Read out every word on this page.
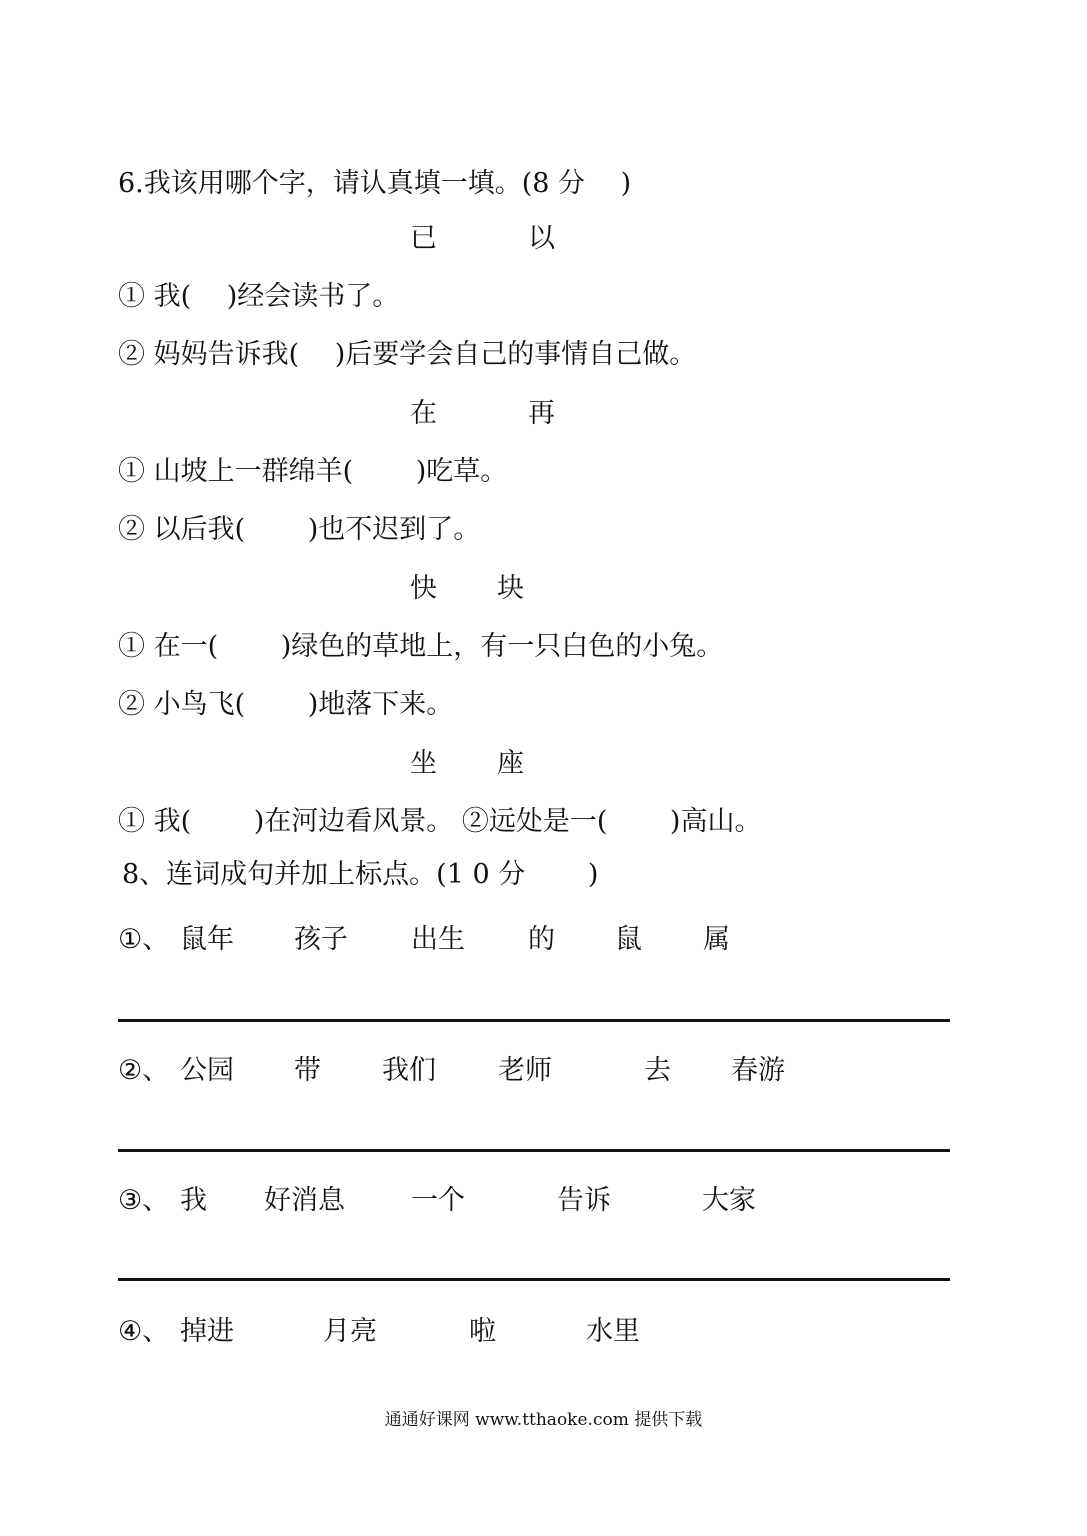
6.我该用哪个字，请认真填一填。(8 分　 )

已

	以

① 我(　 )经会读书了。
② 妈妈告诉我(　 )后要学会自己的事情自己做。

在

	再

① 山坡上一群绵羊(　　 )吃草。
② 以后我(　　 )也不迟到了。

快

块

① 在一(　　 )绿色的草地上，有一只白色的小兔。
② 小鸟飞(　　 )地落下来。

坐

座

① 我(　　 )在河边看风景。 ②远处是一(　　 )高山。
8、连词成句并加上标点。(1 0 分　　 )

①、

鼠年

孩子

出生

的

鼠

属

②、

公园

带

我们

老师

	去

春游

③、

我

好消息

一个

	告诉

	大家

④、

掉进

	月亮

	啦

	水里

通通好课网 www.tthaoke.com 提供下载
